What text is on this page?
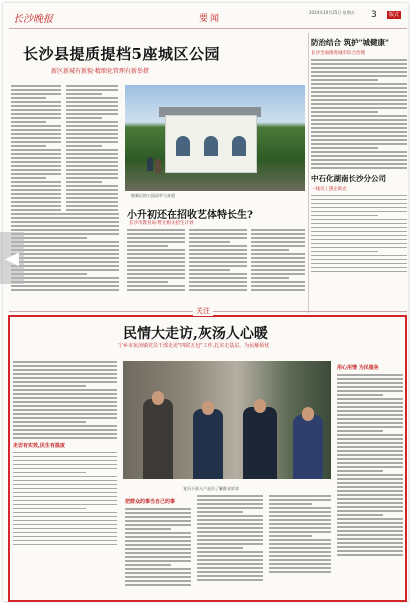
长沙晚报	要闻
2024年10月25日 星期五	3	版式
长沙县提质提档5座城区公园
新区新城有新貌·精细化管理有新举措
焕新后的公园凉亭与步道
小升初还在招收艺体特长生?
长沙市教育局:暂无相关招生计划
防治结合 筑护"城健康"
长沙全面推进城市综合治理
中石化湖南长沙分公司
一线员工援企助企
关注
民情大走访,灰汤人心暖
宁乡市灰汤镇党员干部走访"四联五包"工作,扎实走基层、为民解烦忧
走访有实效,民生有温度
党员干部入户走访了解群众诉求
把群众的事当自己的事
用心用情 为民服务
◀
